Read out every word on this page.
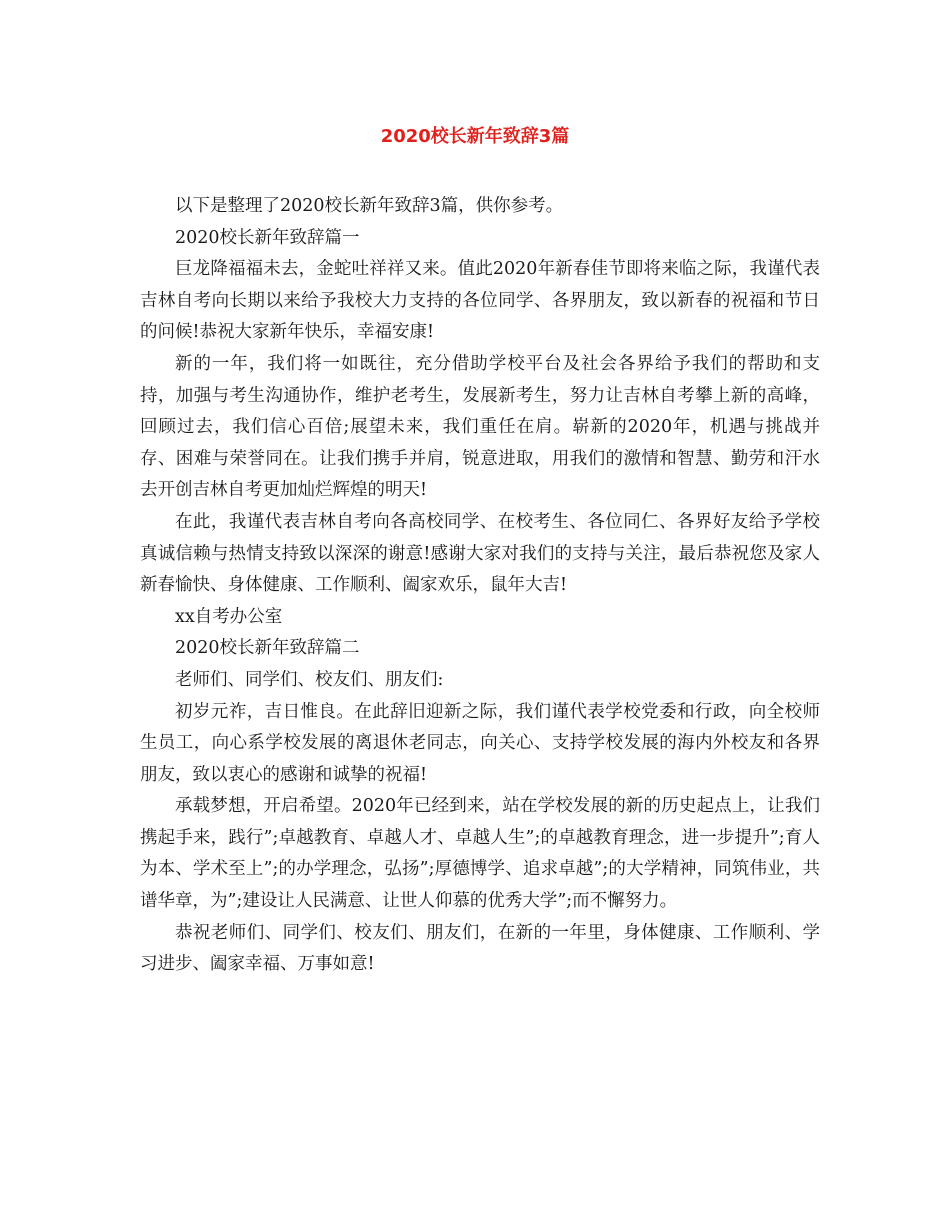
2020校长新年致辞3篇

以下是整理了2020校长新年致辞3篇，供你参考。

2020校长新年致辞篇一

巨龙降福福未去，金蛇吐祥祥又来。值此2020年新春佳节即将来临之际，我谨代表吉林自考向长期以来给予我校大力支持的各位同学、各界朋友，致以新春的祝福和节日的问候!恭祝大家新年快乐，幸福安康!

新的一年，我们将一如既往，充分借助学校平台及社会各界给予我们的帮助和支持，加强与考生沟通协作，维护老考生，发展新考生，努力让吉林自考攀上新的高峰，回顾过去，我们信心百倍;展望未来，我们重任在肩。崭新的2020年，机遇与挑战并存、困难与荣誉同在。让我们携手并肩，锐意进取，用我们的激情和智慧、勤劳和汗水去开创吉林自考更加灿烂辉煌的明天!

在此，我谨代表吉林自考向各高校同学、在校考生、各位同仁、各界好友给予学校真诚信赖与热情支持致以深深的谢意!感谢大家对我们的支持与关注，最后恭祝您及家人新春愉快、身体健康、工作顺利、阖家欢乐，鼠年大吉!

xx自考办公室

2020校长新年致辞篇二

老师们、同学们、校友们、朋友们:

初岁元祚，吉日惟良。在此辞旧迎新之际，我们谨代表学校党委和行政，向全校师生员工，向心系学校发展的离退休老同志，向关心、支持学校发展的海内外校友和各界朋友，致以衷心的感谢和诚挚的祝福!

承载梦想，开启希望。2020年已经到来，站在学校发展的新的历史起点上，让我们携起手来，践行”;卓越教育、卓越人才、卓越人生”;的卓越教育理念，进一步提升”;育人为本、学术至上”;的办学理念，弘扬”;厚德博学、追求卓越”;的大学精神，同筑伟业，共谱华章，为”;建设让人民满意、让世人仰慕的优秀大学”;而不懈努力。

恭祝老师们、同学们、校友们、朋友们，在新的一年里，身体健康、工作顺利、学习进步、阖家幸福、万事如意!
